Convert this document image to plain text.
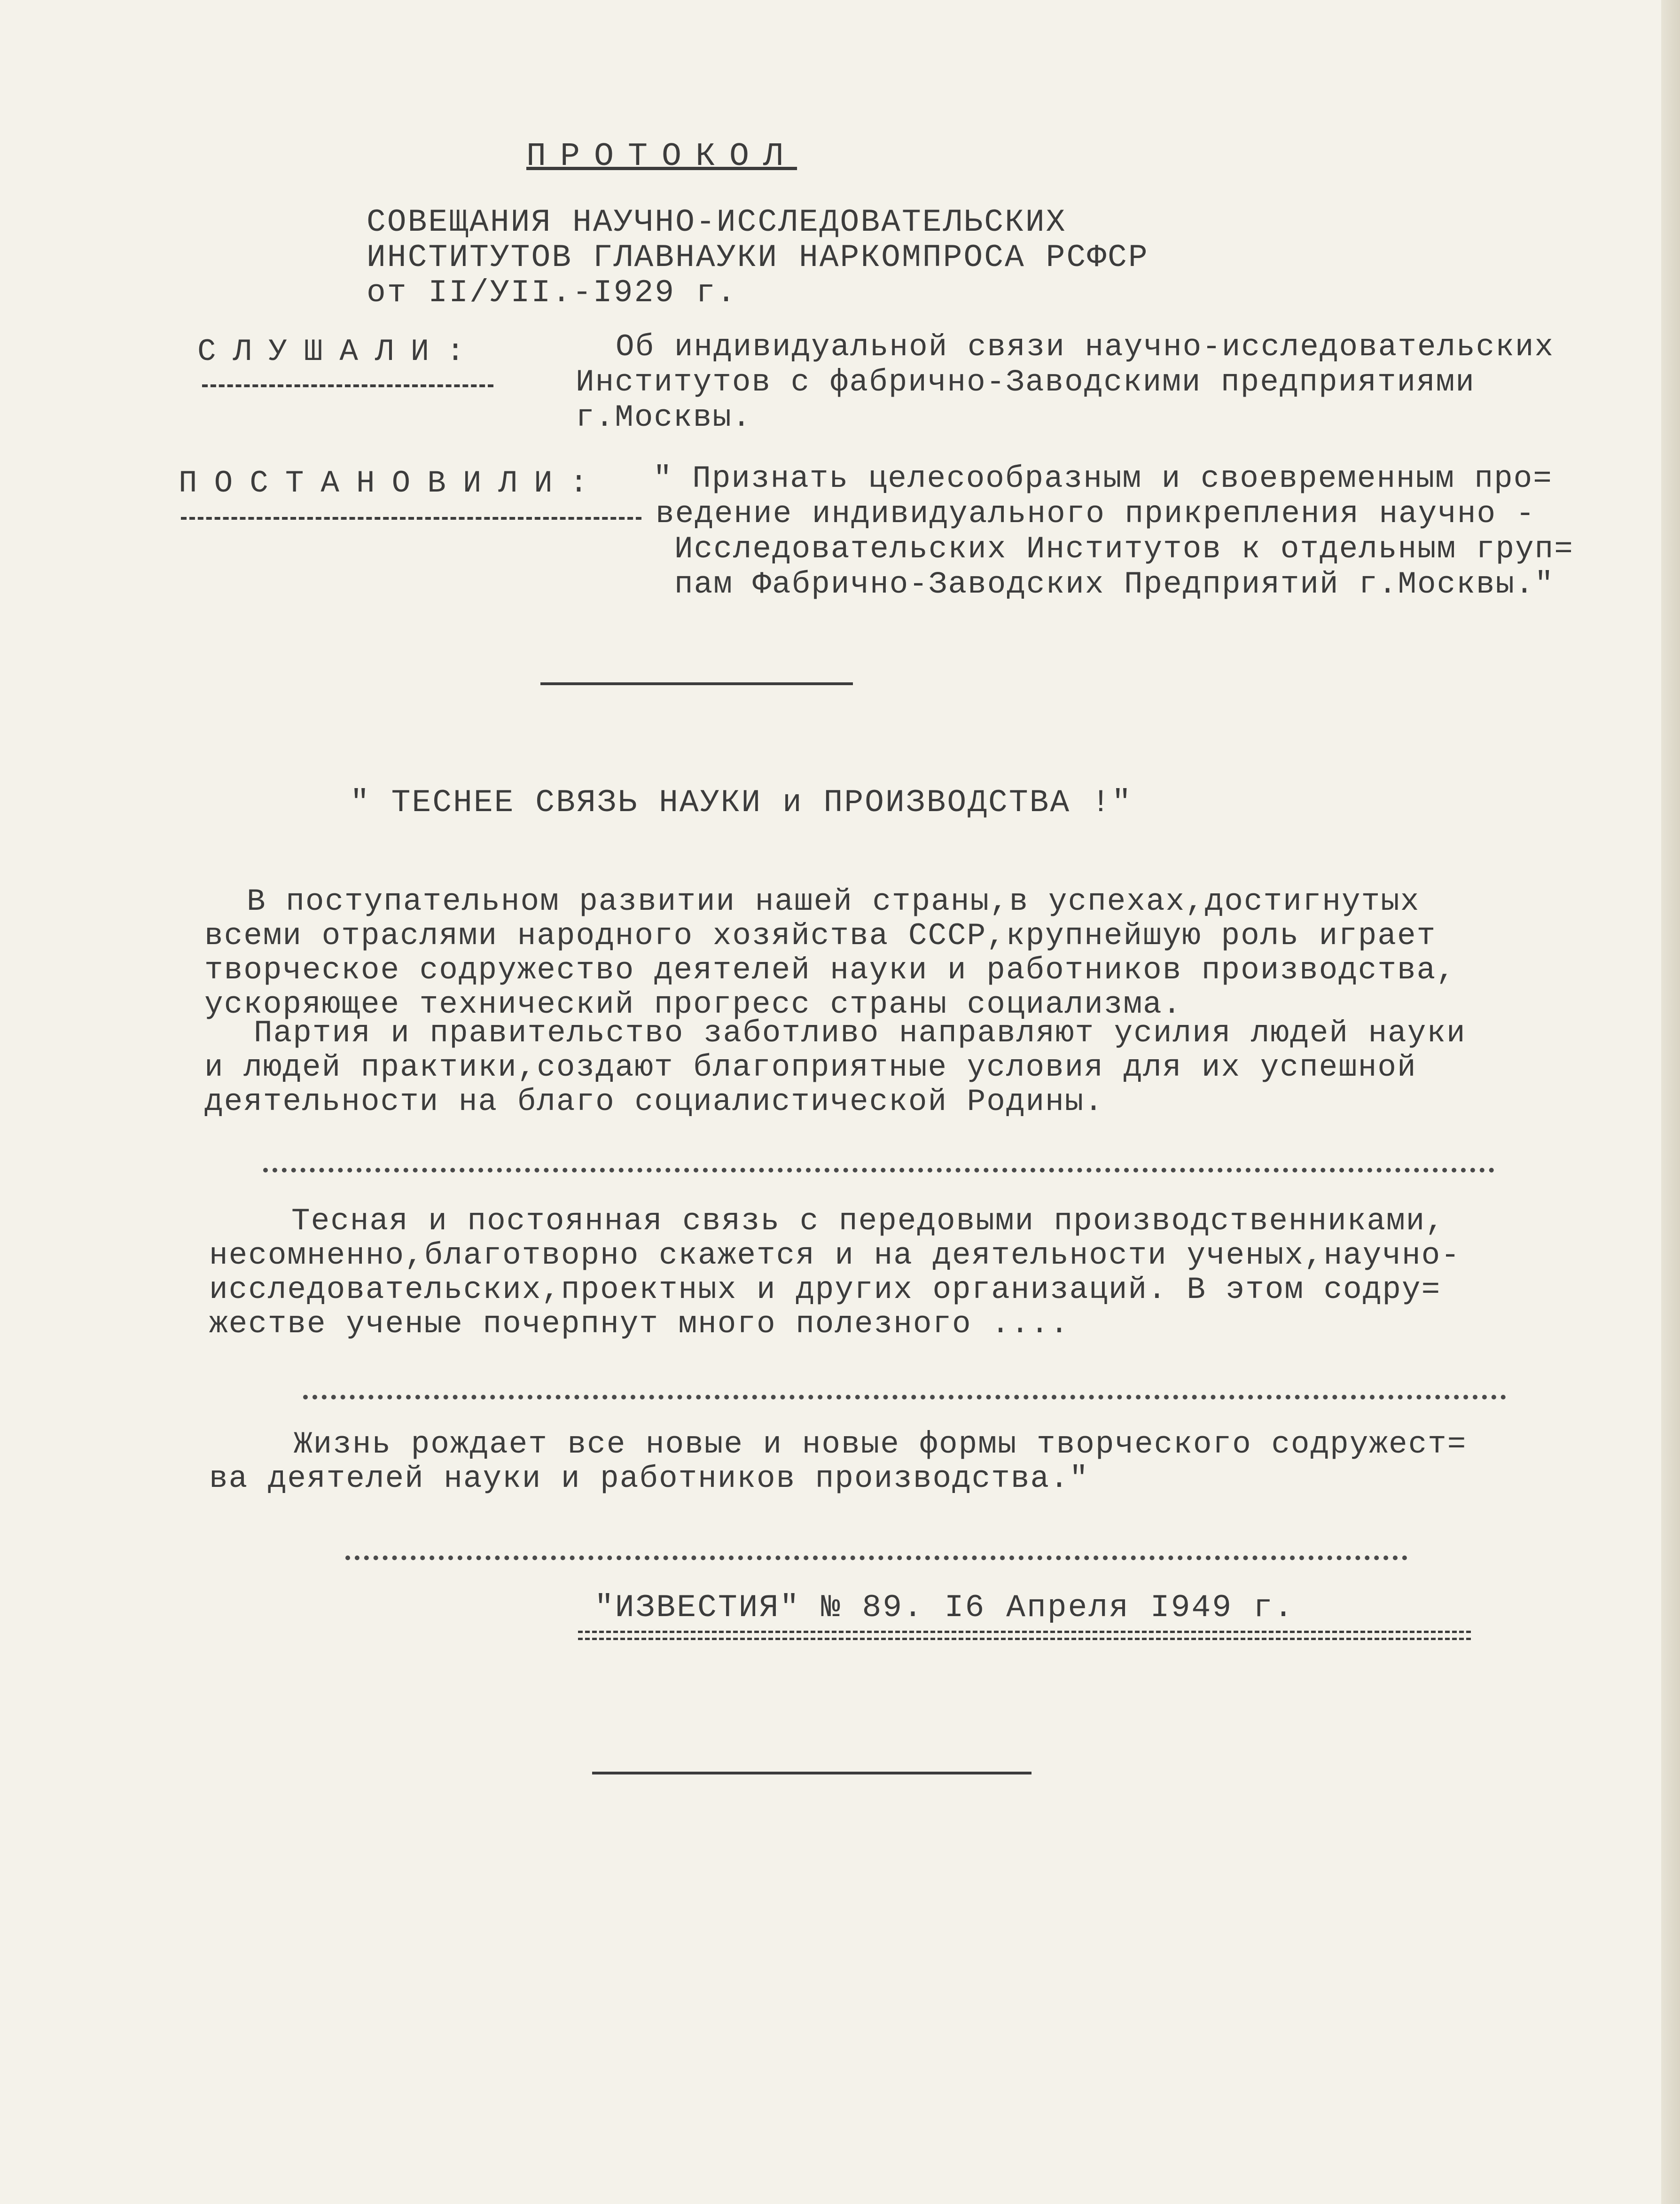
ПРОТОКОЛ

СОВЕЩАНИЯ НАУЧНО-ИССЛЕДОВАТЕЛЬСКИХ

ИНСТИТУТОВ ГЛАВНАУКИ НАРКОМПРОСА РСФСР

от II/УII.-I929 г.

СЛУШАЛИ:	Об индивидуальной связи научно-исследовательских

Институтов с фабрично-Заводскими предприятиями

г.Москвы.

ПОСТАНОВИЛИ: " Признать целесообразным и своевременным про=

ведение индивидуального прикрепления научно -

Исследовательских Институтов к отдельным груп=

пам Фабрично-Заводских Предприятий г.Москвы."

" ТЕСНЕЕ СВЯЗЬ НАУКИ и ПРОИЗВОДСТВА !"

В поступательном развитии нашей страны,в успехах,достигнутых

всеми отраслями народного хозяйства СССР,крупнейшую роль играет

творческое содружество деятелей науки и работников производства,

ускоряющее технический прогресс страны социализма.

Партия и правительство заботливо направляют усилия людей науки

и людей практики,создают благоприятные условия для их успешной

деятельности на благо социалистической Родины.

Тесная и постоянная связь с передовыми производственниками,

несомненно,благотворно скажется и на деятельности ученых,научно-

исследовательских,проектных и других организаций. В этом содру=

жестве ученые почерпнут много полезного ....

Жизнь рождает все новые и новые формы творческого содружест=

ва деятелей науки и работников производства."

"ИЗВЕСТИЯ" № 89. I6 Апреля I949 г.
